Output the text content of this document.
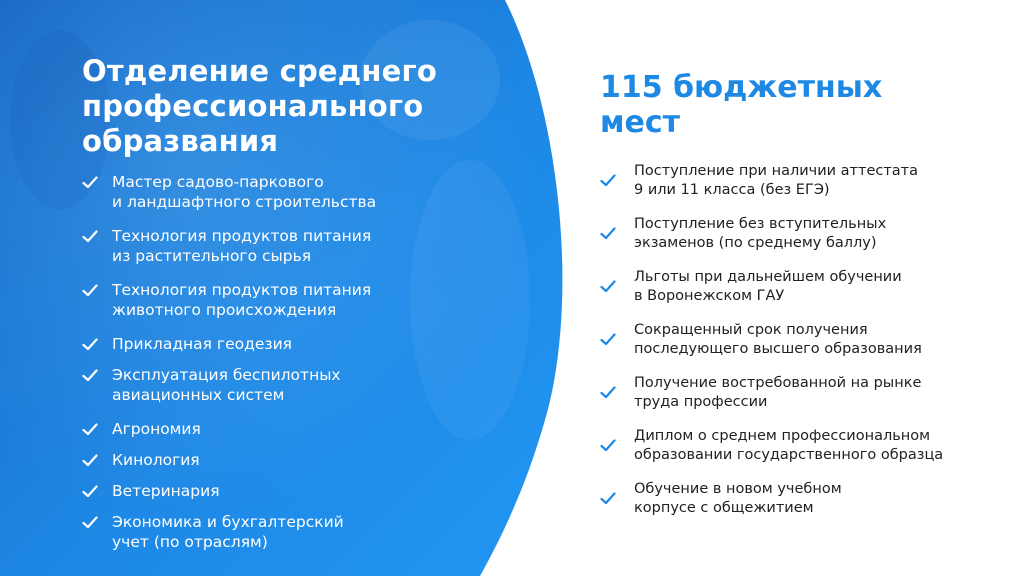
Отделение среднего
профессионального
образвания
Мастер садово-паркового
и ландшафтного строительства
Технология продуктов питания
из растительного сырья
Технология продуктов питания
животного происхождения
Прикладная геодезия
Эксплуатация беспилотных
авиационных систем
Агрономия
Кинология
Ветеринария
Экономика и бухгалтерский
учет (по отраслям)
115 бюджетных
мест
Поступление при наличии аттестата
9 или 11 класса (без ЕГЭ)
Поступление без вступительных
экзаменов (по среднему баллу)
Льготы при дальнейшем обучении
в Воронежском ГАУ
Сокращенный срок получения
последующего высшего образования
Получение востребованной на рынке
труда профессии
Диплом о среднем профессиональном
образовании государственного образца
Обучение в новом учебном
корпусе с общежитием
